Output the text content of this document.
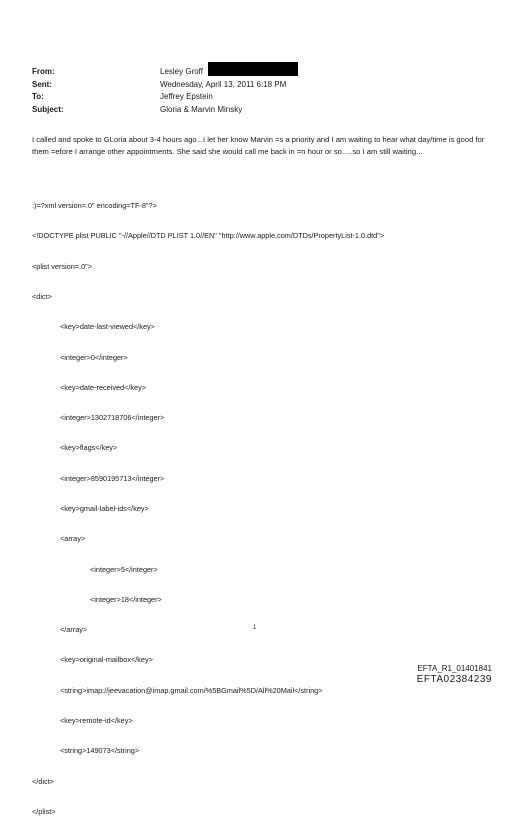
From:	Lesley Groff
Sent:	Wednesday, April 13, 2011 6:18 PM
To:	Jeffrey Epstein
Subject:	Gloria & Marvin Minsky
I called and spoke to GLoria about 3-4 hours ago...I let her know Marvin =s a priority and I am waiting to hear what day/time is good for them =efore I arrange other appointments. She said she would call me back in =n hour or so.....so I am still waiting...

:)=?xml version=.0" encoding=TF-8"?>

<!DOCTYPE plist PUBLIC "-//Apple//DTD PLIST 1.0//EN" "http://www.apple.com/DTDs/PropertyList-1.0.dtd">

<plist version=.0">

<dict>

<key>date-last-viewed</key>

<integer>0</integer>

<key>date-received</key>

<integer>1302718706</integer>

<key>flags</key>

<integer>8590195713</integer>

<key>gmail-label-ids</key>

<array>

<integer>5</integer>

<integer>18</integer>

</array>

<key>original-mailbox</key>

<string>imap://jeevacation@imap.gmail.com/%5BGmail%5D/All%20Mail</string>

<key>remote-id</key>

<string>149073</string>

</dict>

</plist>

1
EFTA_R1_01401841
EFTA02384239
